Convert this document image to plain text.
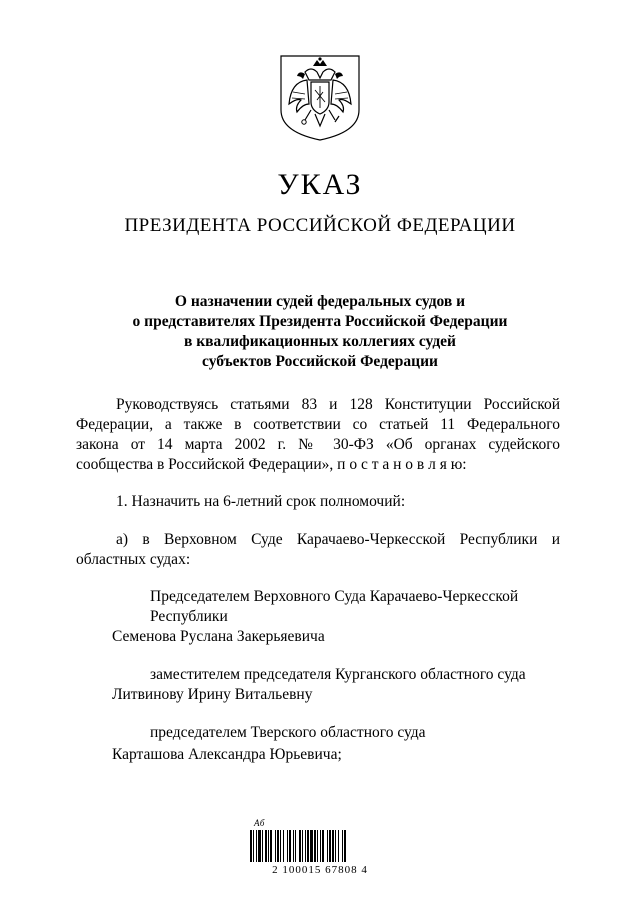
УКАЗ
ПРЕЗИДЕНТА РОССИЙСКОЙ ФЕДЕРАЦИИ
О назначении судей федеральных судов и
о представителях Президента Российской Федерации
в квалификационных коллегиях судей
субъектов Российской Федерации
Руководствуясь статьями 83 и 128 Конституции Российской
Федерации, а также в соответствии со статьей 11 Федерального
закона от 14 марта 2002 г. № 30-ФЗ «Об органах судейского
сообщества в Российской Федерации», п о с т а н о в л я ю:
1. Назначить на 6-летний срок полномочий:
а) в Верховном Суде Карачаево-Черкесской Республики и
областных судах:
Председателем Верховного Суда Карачаево-Черкесской
Республики
Семенова Руслана Закерьяевича
заместителем председателя Курганского областного суда
Литвинову Ирину Витальевну
председателем Тверского областного суда
Карташова Александра Юрьевича;
Аб
2 100015 67808 4
